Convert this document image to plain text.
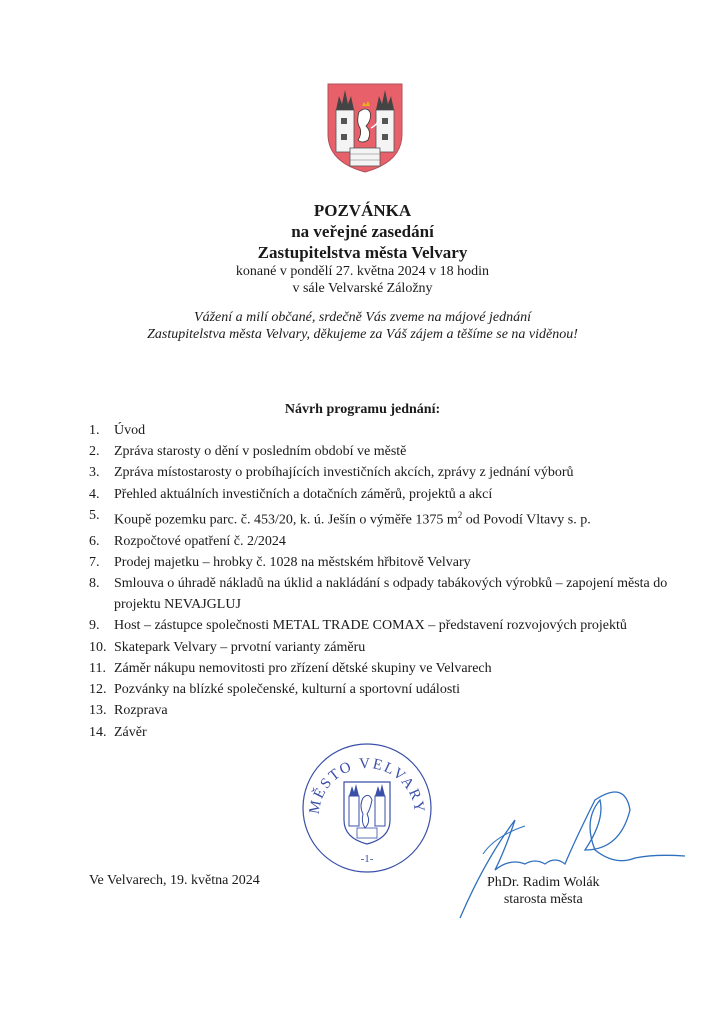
POZVÁNKA
na veřejné zasedání
Zastupitelstva města Velvary
konané v pondělí 27. května 2024 v 18 hodin
v sále Velvarské Záložny
Vážení a milí občané, srdečně Vás zveme na májové jednání
Zastupitelstva města Velvary, děkujeme za Váš zájem a těšíme se na viděnou!
Návrh programu jednání:
1.	Úvod
2.	Zpráva starosty o dění v posledním období ve městě
3.	Zpráva místostarosty o probíhajících investičních akcích, zprávy z jednání výborů
4.	Přehled aktuálních investičních a dotačních záměrů, projektů a akcí
5.	Koupě pozemku parc. č. 453/20, k. ú. Ješín o výměře 1375 $m^2$ od Povodí Vltavy s. p.
6.	Rozpočtové opatření č. 2/2024
7.	Prodej majetku – hrobky č. 1028 na městském hřbitově Velvary
8.	Smlouva o úhradě nákladů na úklid a nakládání s odpady tabákových výrobků – zapojení města do projektu NEVAJGLUJ
9.	Host – zástupce společnosti METAL TRADE COMAX – představení rozvojových projektů
10. Skatepark Velvary – prvotní varianty záměru
11. Záměr nákupu nemovitosti pro zřízení dětské skupiny ve Velvarech
12. Pozvánky na blízké společenské, kulturní a sportovní události
13. Rozprava
14. Závěr
MĚSTO VELVARY
-1-
Ve Velvarech, 19. května 2024	PhDr. Radim Wolák
starosta města
